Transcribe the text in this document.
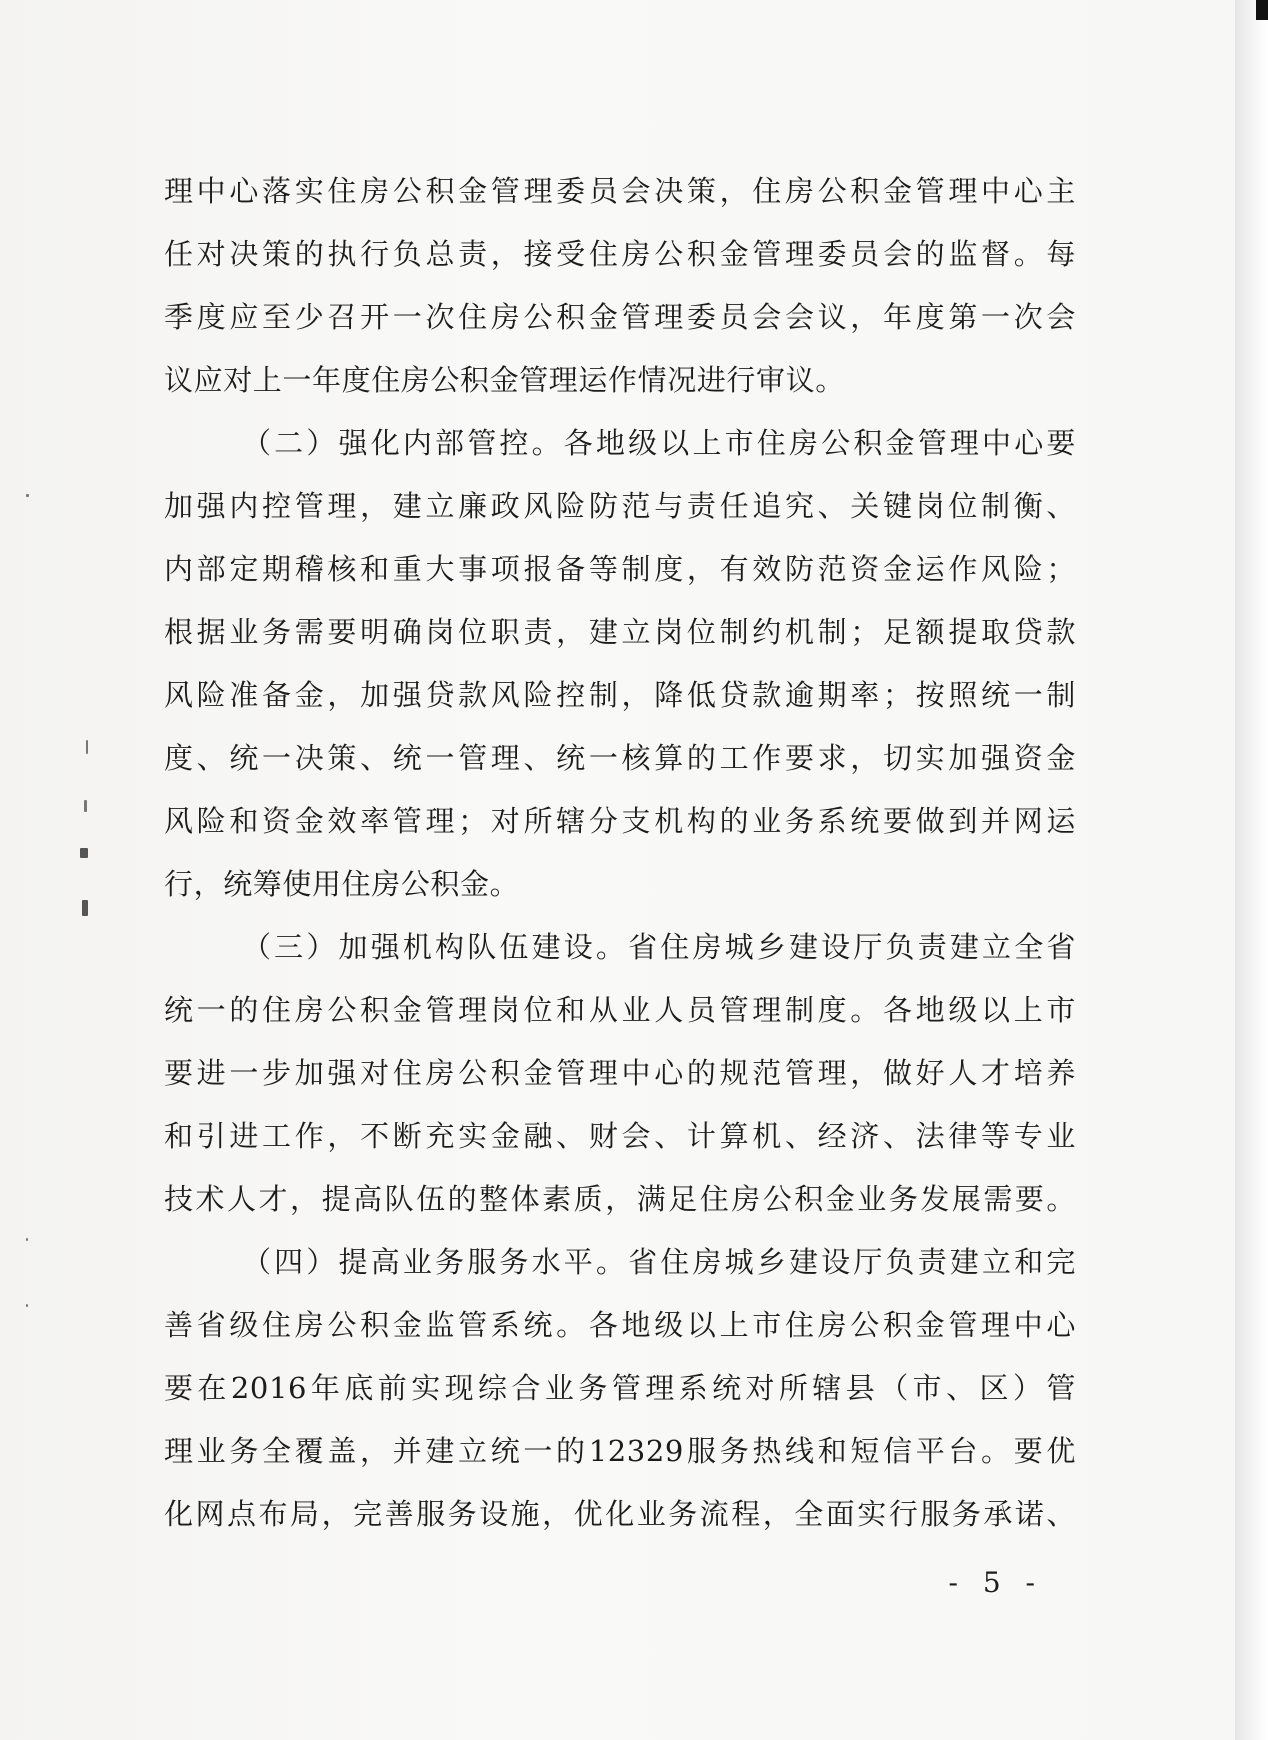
理中心落实住房公积金管理委员会决策，住房公积金管理中心主
任对决策的执行负总责，接受住房公积金管理委员会的监督。每
季度应至少召开一次住房公积金管理委员会会议，年度第一次会
议应对上一年度住房公积金管理运作情况进行审议。
（二）强化内部管控。各地级以上市住房公积金管理中心要
加强内控管理，建立廉政风险防范与责任追究、关键岗位制衡、
内部定期稽核和重大事项报备等制度，有效防范资金运作风险；
根据业务需要明确岗位职责，建立岗位制约机制；足额提取贷款
风险准备金，加强贷款风险控制，降低贷款逾期率；按照统一制
度、统一决策、统一管理、统一核算的工作要求，切实加强资金
风险和资金效率管理；对所辖分支机构的业务系统要做到并网运
行，统筹使用住房公积金。
（三）加强机构队伍建设。省住房城乡建设厅负责建立全省
统一的住房公积金管理岗位和从业人员管理制度。各地级以上市
要进一步加强对住房公积金管理中心的规范管理，做好人才培养
和引进工作，不断充实金融、财会、计算机、经济、法律等专业
技术人才，提高队伍的整体素质，满足住房公积金业务发展需要。
（四）提高业务服务水平。省住房城乡建设厅负责建立和完
善省级住房公积金监管系统。各地级以上市住房公积金管理中心
要在2016年底前实现综合业务管理系统对所辖县（市、区）管
理业务全覆盖，并建立统一的12329服务热线和短信平台。要优
化网点布局，完善服务设施，优化业务流程，全面实行服务承诺、
- 5 -
